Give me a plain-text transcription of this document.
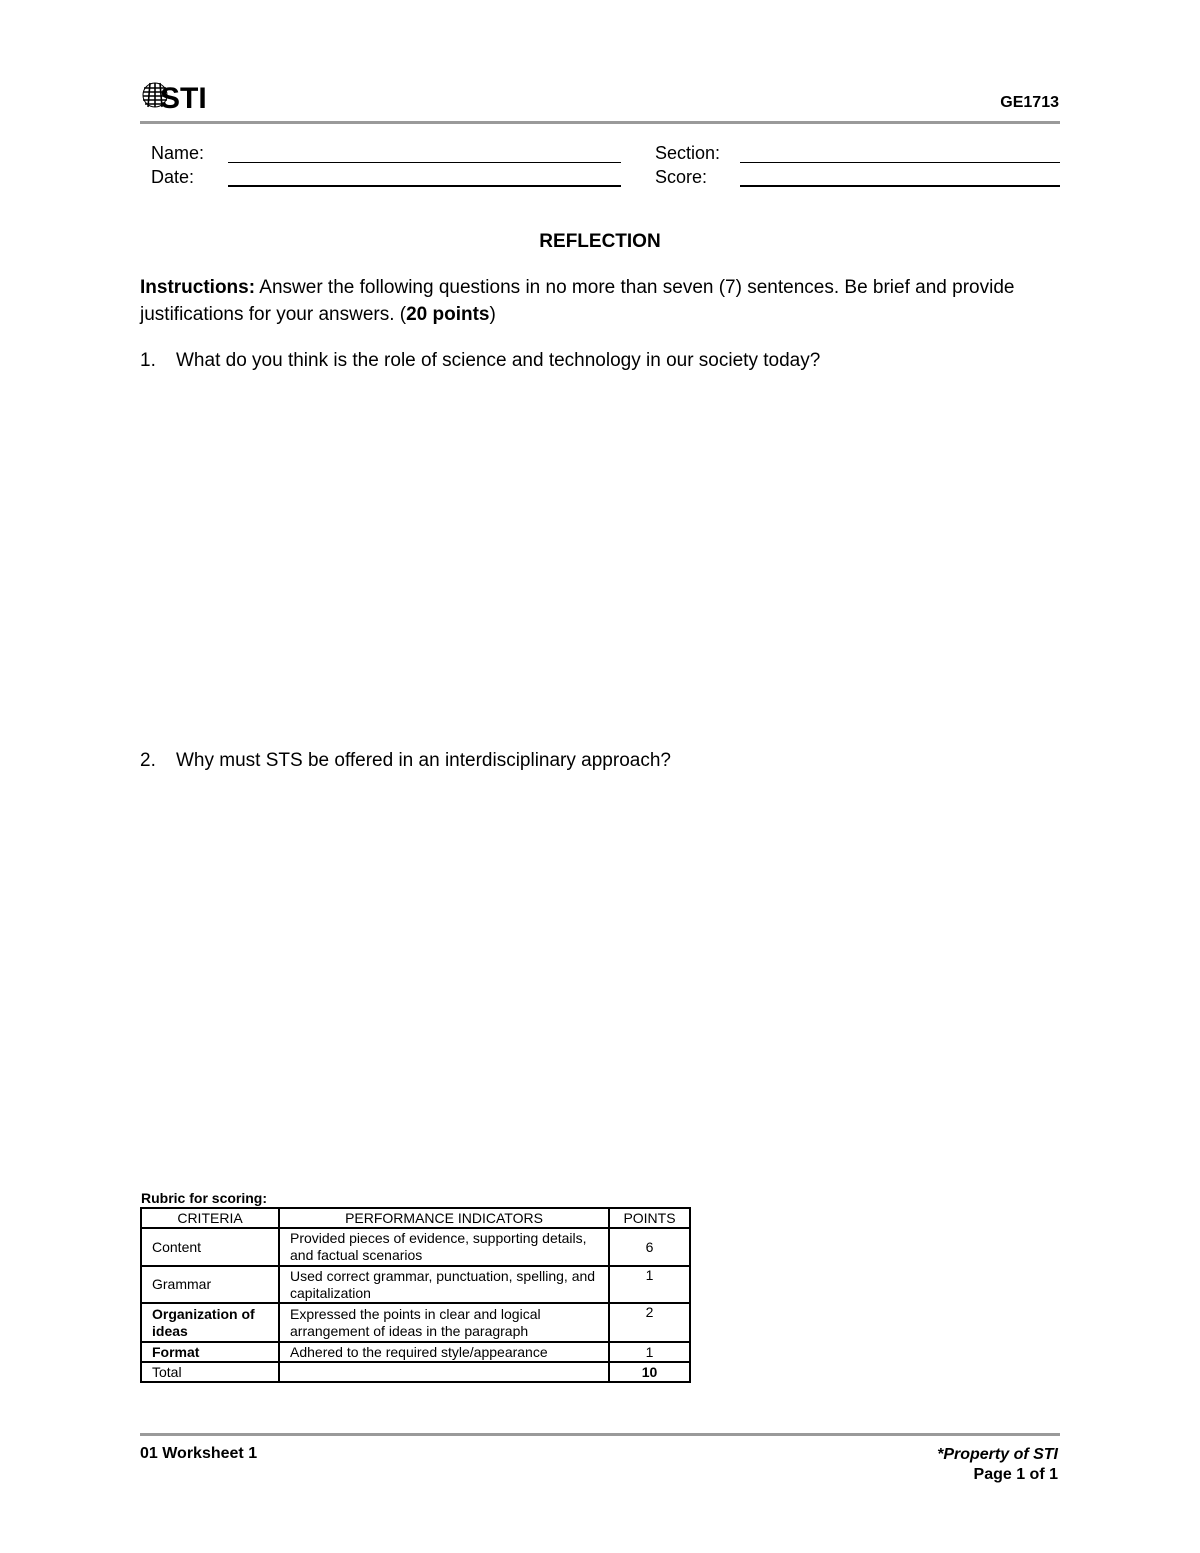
STI	GE1713
Name:
Date:
Section:
Score:
REFLECTION
Instructions: Answer the following questions in no more than seven (7) sentences. Be brief and provide justifications for your answers. (20 points)
1. What do you think is the role of science and technology in our society today?
2. Why must STS be offered in an interdisciplinary approach?
Rubric for scoring:
CRITERIA	PERFORMANCE INDICATORS	POINTS
Content	Provided pieces of evidence, supporting details, and factual scenarios	6
Grammar	Used correct grammar, punctuation, spelling, and capitalization	1
Organization of ideas	Expressed the points in clear and logical arrangement of ideas in the paragraph	2
Format	Adhered to the required style/appearance	1
Total		10
01 Worksheet 1	*Property of STI
Page 1 of 1
